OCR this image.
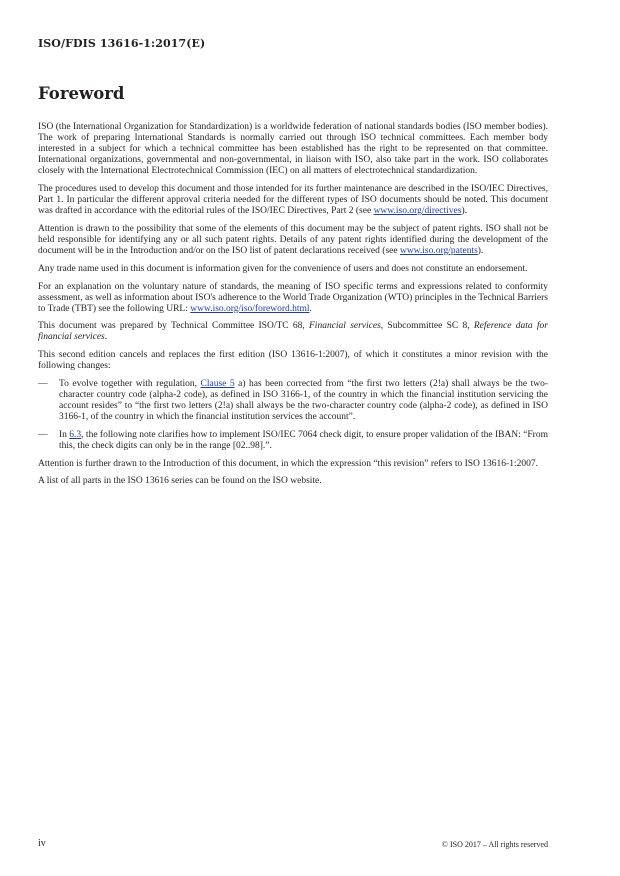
ISO/FDIS 13616-1:2017(E)
Foreword

ISO (the International Organization for Standardization) is a worldwide federation of national standards bodies (ISO member bodies). The work of preparing International Standards is normally carried out through ISO technical committees. Each member body interested in a subject for which a technical committee has been established has the right to be represented on that committee. International organizations, governmental and non-governmental, in liaison with ISO, also take part in the work. ISO collaborates closely with the International Electrotechnical Commission (IEC) on all matters of electrotechnical standardization.

The procedures used to develop this document and those intended for its further maintenance are described in the ISO/IEC Directives, Part 1. In particular the different approval criteria needed for the different types of ISO documents should be noted. This document was drafted in accordance with the editorial rules of the ISO/IEC Directives, Part 2 (see www.iso.org/directives).

Attention is drawn to the possibility that some of the elements of this document may be the subject of patent rights. ISO shall not be held responsible for identifying any or all such patent rights. Details of any patent rights identified during the development of the document will be in the Introduction and/or on the ISO list of patent declarations received (see www.iso.org/patents).

Any trade name used in this document is information given for the convenience of users and does not constitute an endorsement.

For an explanation on the voluntary nature of standards, the meaning of ISO specific terms and expressions related to conformity assessment, as well as information about ISO's adherence to the World Trade Organization (WTO) principles in the Technical Barriers to Trade (TBT) see the following URL: www.iso.org/iso/foreword.html.

This document was prepared by Technical Committee ISO/TC 68, Financial services, Subcommittee SC 8, Reference data for financial services.

This second edition cancels and replaces the first edition (ISO 13616-1:2007), of which it constitutes a minor revision with the following changes:

— To evolve together with regulation, Clause 5 a) has been corrected from “the first two letters (2!a) shall always be the two-character country code (alpha-2 code), as defined in ISO 3166-1, of the country in which the financial institution servicing the account resides” to “the first two letters (2!a) shall always be the two-character country code (alpha-2 code), as defined in ISO 3166-1, of the country in which the financial institution services the account”.
— In 6.3, the following note clarifies how to implement ISO/IEC 7064 check digit, to ensure proper validation of the IBAN: “From this, the check digits can only be in the range [02..98].”.

Attention is further drawn to the Introduction of this document, in which the expression “this revision” refers to ISO 13616-1:2007.

A list of all parts in the ISO 13616 series can be found on the ISO website.

iv	© ISO 2017 – All rights reserved
